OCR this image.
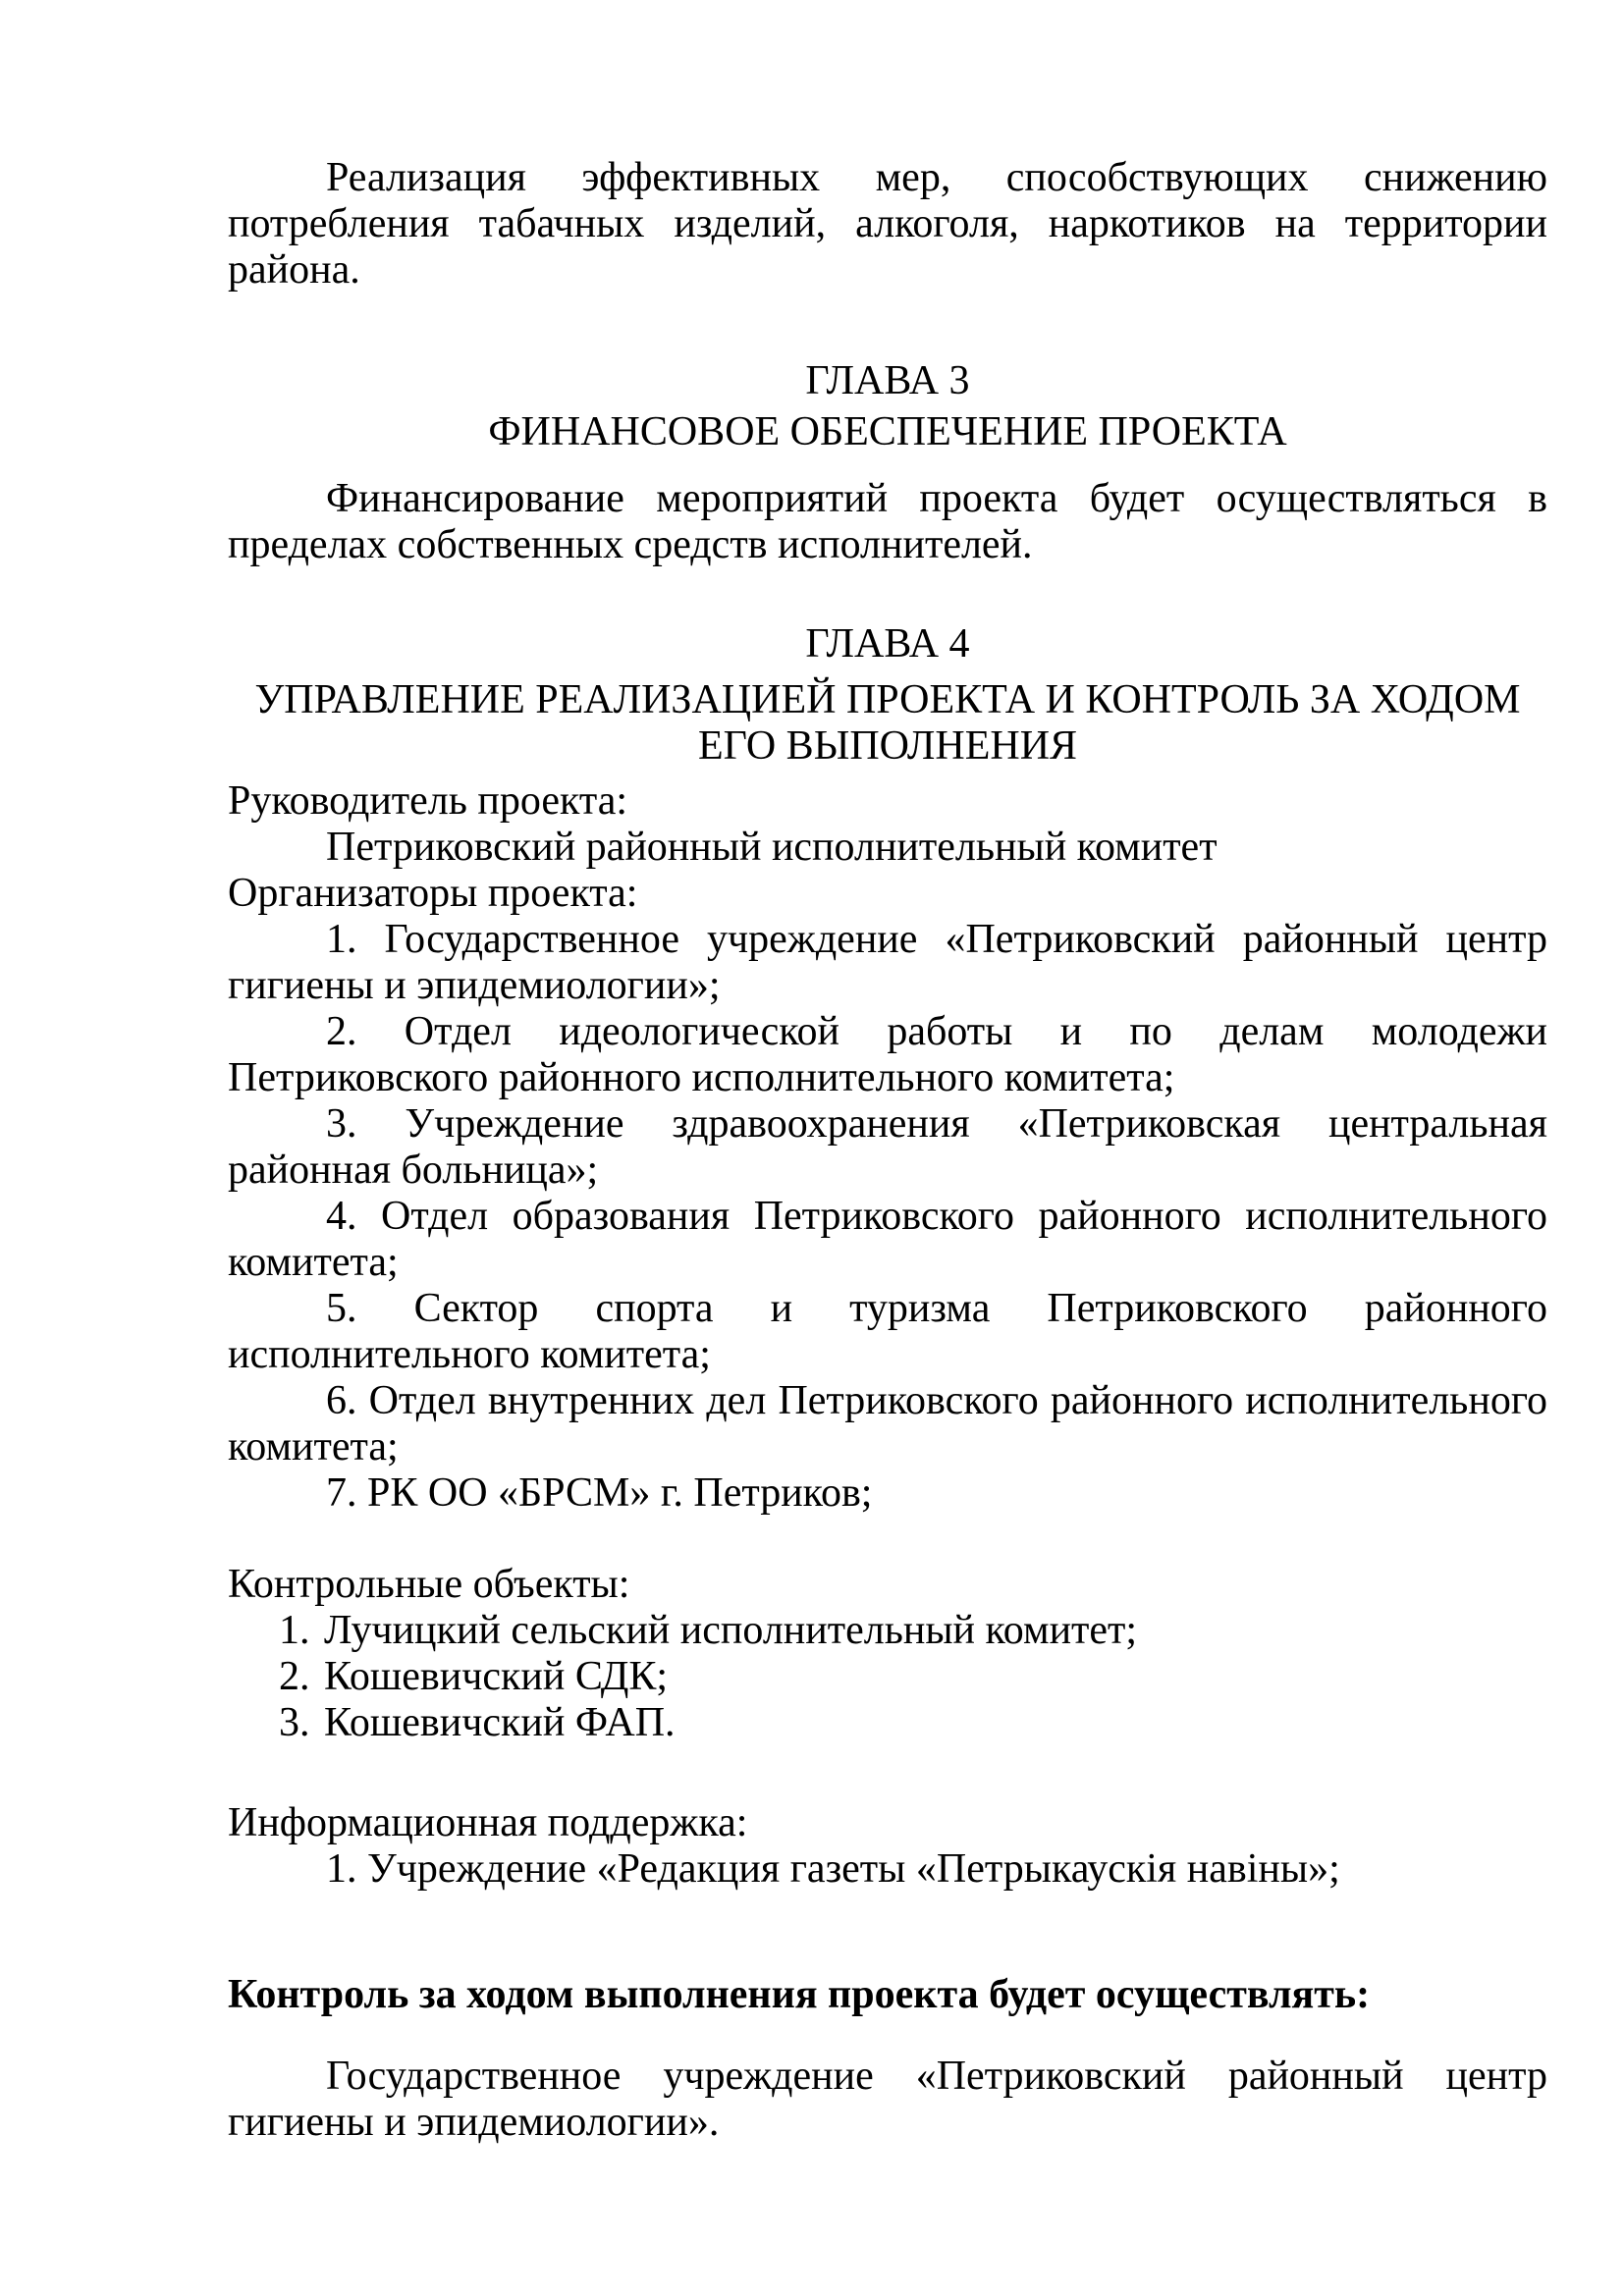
Реализация эффективных мер, способствующих снижению
потребления табачных изделий, алкоголя, наркотиков на территории
района.
ГЛАВА 3
ФИНАНСОВОЕ ОБЕСПЕЧЕНИЕ ПРОЕКТА
Финансирование мероприятий проекта будет осуществляться в
пределах собственных средств исполнителей.
ГЛАВА 4
УПРАВЛЕНИЕ РЕАЛИЗАЦИЕЙ ПРОЕКТА И КОНТРОЛЬ ЗА ХОДОМ
ЕГО ВЫПОЛНЕНИЯ
Руководитель проекта:
Петриковский районный исполнительный комитет
Организаторы проекта:
1. Государственное учреждение «Петриковский районный центр
гигиены и эпидемиологии»;
2. Отдел идеологической работы и по делам молодежи
Петриковского районного исполнительного комитета;
3. Учреждение здравоохранения «Петриковская центральная
районная больница»;
4. Отдел образования Петриковского районного исполнительного
комитета;
5. Сектор спорта и туризма Петриковского районного
исполнительного комитета;
6. Отдел внутренних дел Петриковского районного исполнительного
комитета;
7. РК ОО «БРСМ» г. Петриков;
Контрольные объекты:
1. Лучицкий сельский исполнительный комитет;
2. Кошевичский СДК;
3. Кошевичский ФАП.
Информационная поддержка:
1. Учреждение «Редакция газеты «Петрыкаускія навіны»;
Контроль за ходом выполнения проекта будет осуществлять:
Государственное учреждение «Петриковский районный центр
гигиены и эпидемиологии».
